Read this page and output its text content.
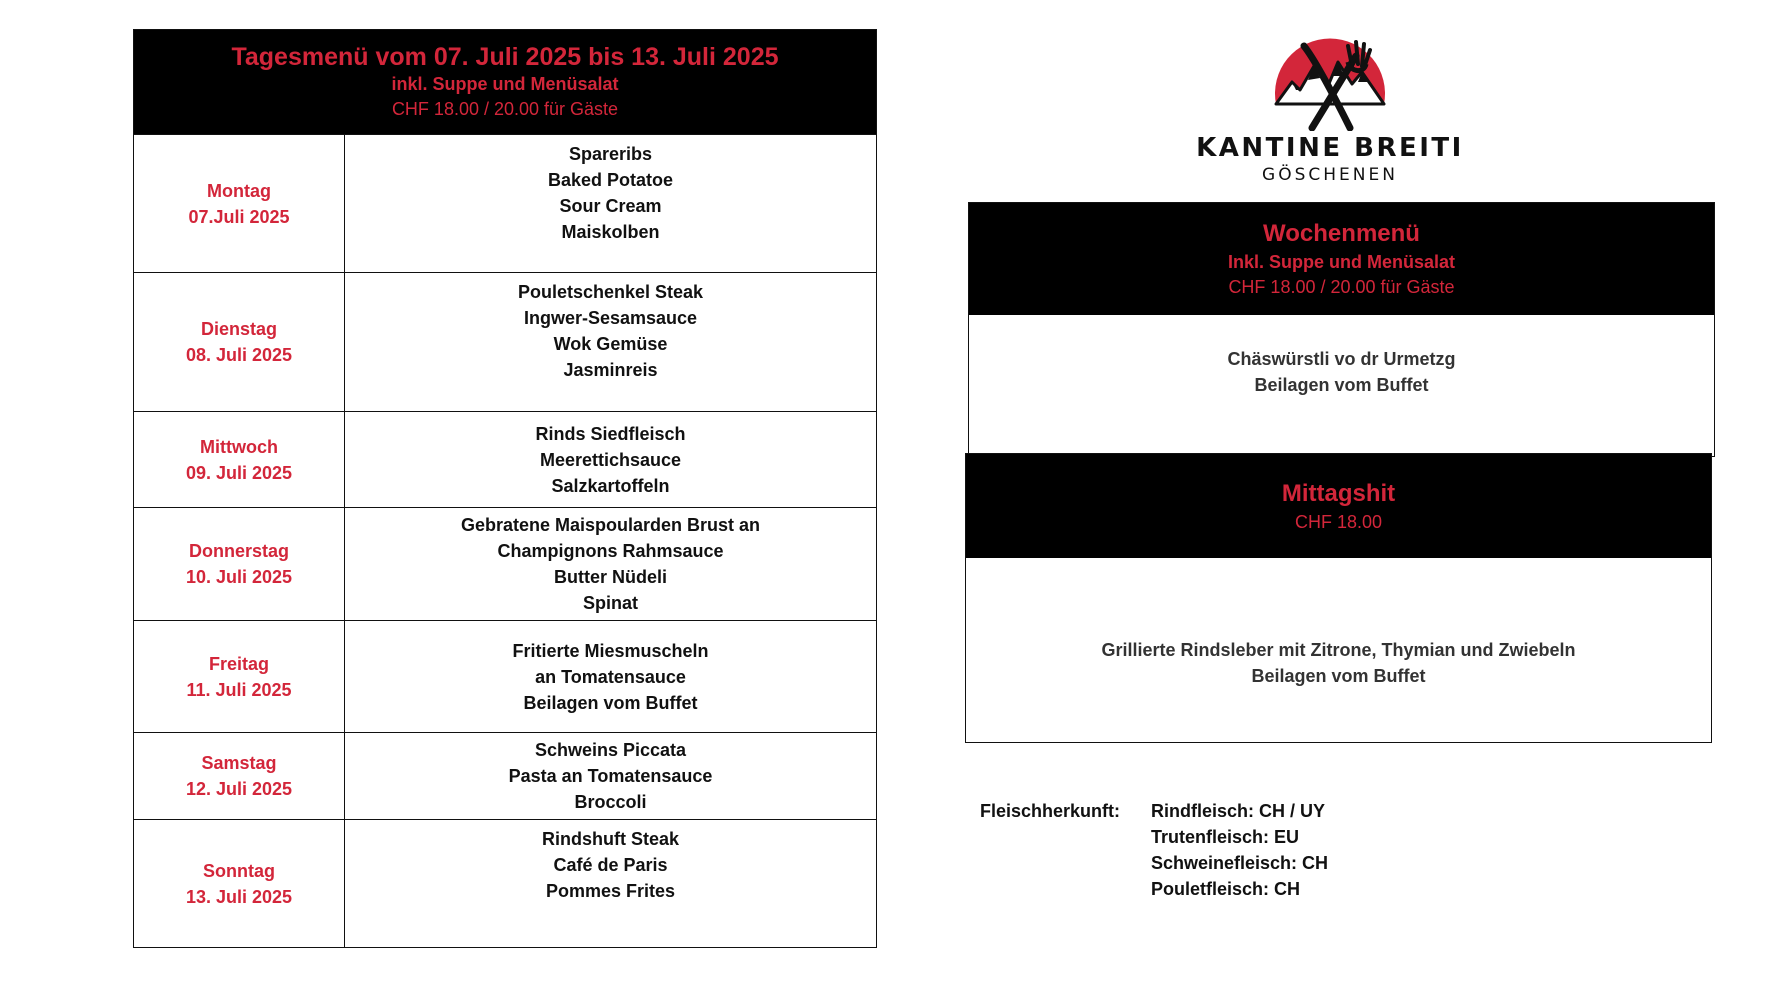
Tagesmenü vom 07. Juli 2025 bis 13. Juli 2025
inkl. Suppe und Menüsalat
CHF 18.00 / 20.00 für Gäste
Montag
07.Juli 2025
Spareribs
Baked Potatoe
Sour Cream
Maiskolben
Dienstag
08. Juli 2025
Pouletschenkel Steak
Ingwer-Sesamsauce
Wok Gemüse
Jasminreis
Mittwoch
09. Juli 2025
Rinds Siedfleisch
Meerettichsauce
Salzkartoffeln
Donnerstag
10. Juli 2025
Gebratene Maispoularden Brust an
Champignons Rahmsauce
Butter Nüdeli
Spinat
Freitag
11. Juli 2025
Fritierte Miesmuscheln
an Tomatensauce
Beilagen vom Buffet
Samstag
12. Juli 2025
Schweins Piccata
Pasta an Tomatensauce
Broccoli
Sonntag
13. Juli 2025
Rindshuft Steak
Café de Paris
Pommes Frites
KANTINE BREITI
GÖSCHENEN
Wochenmenü
Inkl. Suppe und Menüsalat
CHF 18.00 / 20.00 für Gäste
Chäswürstli vo dr Urmetzg
Beilagen vom Buffet
Mittagshit
CHF 18.00
Grillierte Rindsleber mit Zitrone, Thymian und Zwiebeln
Beilagen vom Buffet
Fleischherkunft: Rindfleisch: CH / UY
Trutenfleisch: EU
Schweinefleisch: CH
Pouletfleisch: CH
